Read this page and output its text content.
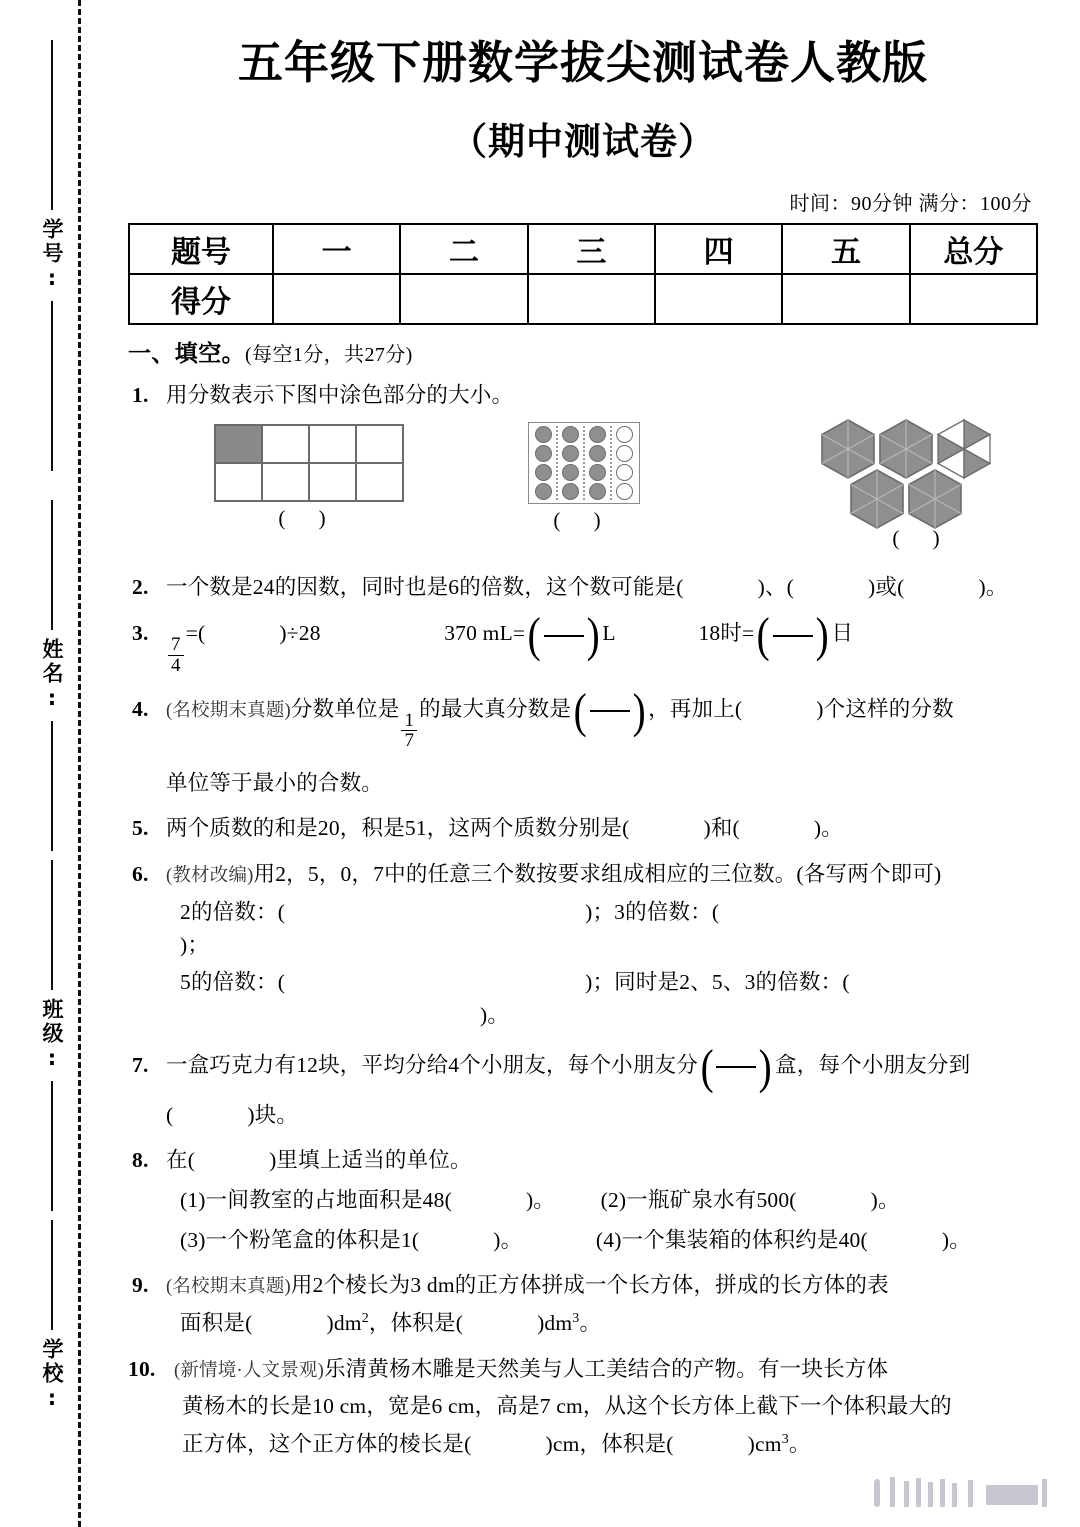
学号:
姓名:
班级:
学校:
五年级下册数学拔尖测试卷人教版
（期中测试卷）
时间：90分钟 满分：100分
题号	一	二	三	四	五	总分
得分						
一、填空。(每空1分，共27分)
1. 用分数表示下图中涂色部分的大小。
( )	( )
( )
2. 一个数是24的因数，同时也是6的倍数，这个数可能是(	)、(	)或(	)。
3.
$\frac{7}{4}$
=(	)÷28	370 mL= ( ) L	18时= ( ) 日
4. (名校期末真题)分数单位是
$\frac{1}{7}$
的最大真分数是 ( ) ，再加上(	)个这样的分数
单位等于最小的合数。
5. 两个质数的和是20，积是51，这两个质数分别是(	)和(	)。
6. (教材改编)用2，5，0，7中的任意三个数按要求组成相应的三位数。(各写两个即可)
2的倍数：(	)；3的倍数：()；
5的倍数：(	)；同时是2、5、3的倍数：()。
7. 一盒巧克力有12块，平均分给4个小朋友，每个小朋友分 ( ) 盒，每个小朋友分到
(	)块。
8. 在(	)里填上适当的单位。
(1)一间教室的占地面积是48(	)。 (2)一瓶矿泉水有500(	)。
(3)一个粉笔盒的体积是1(	)。	(4)一个集装箱的体积约是40(	)。
9. (名校期末真题)用2个棱长为3 dm的正方体拼成一个长方体，拼成的长方体的表
面积是(	)$dm^2$，体积是(	)$dm^3$。
10. (新情境·人文景观)乐清黄杨木雕是天然美与人工美结合的产物。有一块长方体
黄杨木的长是10 cm，宽是6 cm，高是7 cm，从这个长方体上截下一个体积最大的
正方体，这个正方体的棱长是(	)cm，体积是(	)$cm^3$。
